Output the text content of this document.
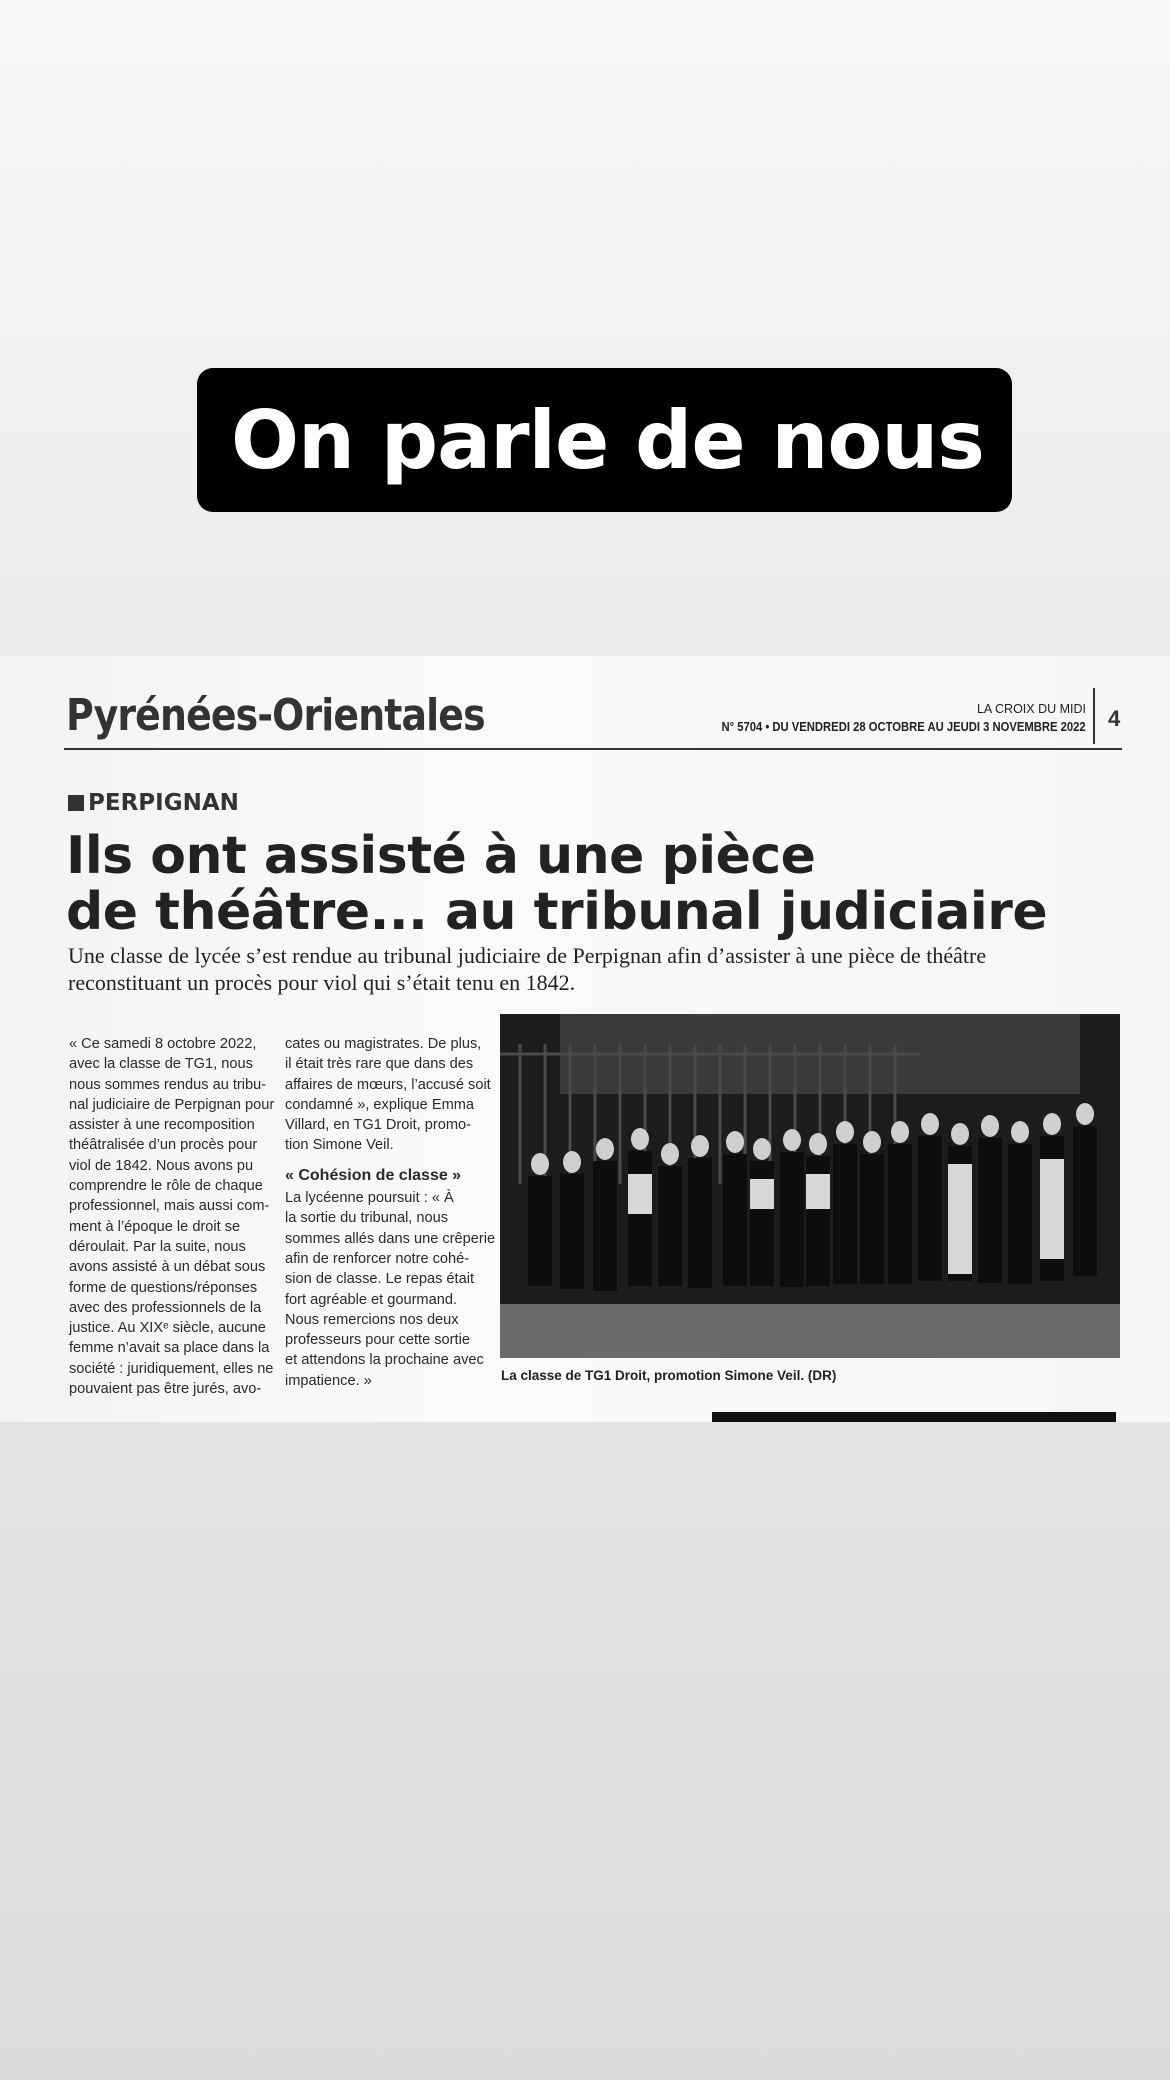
On parle de nous
Pyrénées-Orientales	LA CROIX DU MIDI
N° 5704 • DU VENDREDI 28 OCTOBRE AU JEUDI 3 NOVEMBRE 2022 4
PERPIGNAN
Ils ont assisté à une pièce
de théâtre... au tribunal judiciaire
Une classe de lycée s’est rendue au tribunal judiciaire de Perpignan afin d’assister à une pièce de théâtre
reconstituant un procès pour viol qui s’était tenu en 1842.
« Ce samedi 8 octobre 2022,
avec la classe de TG1, nous
nous sommes rendus au tribu-
nal judiciaire de Perpignan pour
assister à une recomposition
théâtralisée d’un procès pour
viol de 1842. Nous avons pu
comprendre le rôle de chaque
professionnel, mais aussi com-
ment à l’époque le droit se
déroulait. Par la suite, nous
avons assisté à un débat sous
forme de questions/réponses
avec des professionnels de la
justice. Au XIXᵉ siècle, aucune
femme n’avait sa place dans la
société : juridiquement, elles ne
pouvaient pas être jurés, avo-
cates ou magistrates. De plus,
il était très rare que dans des
affaires de mœurs, l’accusé soit
condamné », explique Emma
Villard, en TG1 Droit, promo-
tion Simone Veil.
« Cohésion de classe »
La lycéenne poursuit : « À
la sortie du tribunal, nous
sommes allés dans une crêperie
afin de renforcer notre cohé-
sion de classe. Le repas était
fort agréable et gourmand.
Nous remercions nos deux
professeurs pour cette sortie
et attendons la prochaine avec
impatience. »	La classe de TG1 Droit, promotion Simone Veil. (DR)
